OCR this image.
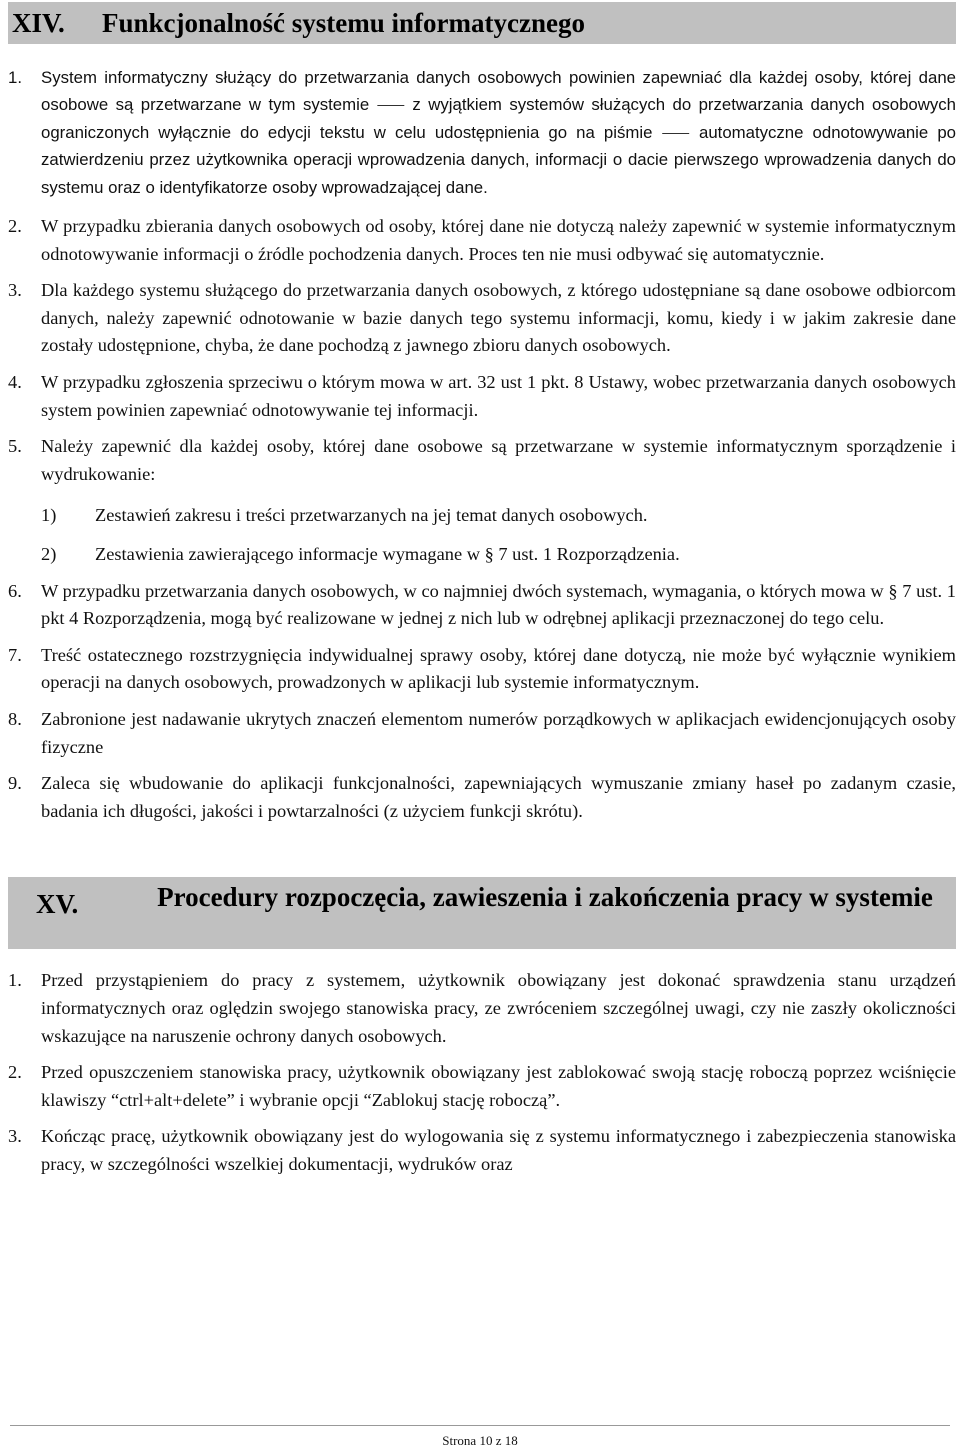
XIV.	Funkcjonalność systemu informatycznego
1.	System informatyczny służący do przetwarzania danych osobowych powinien zapewniać dla każdej osoby, której dane osobowe są przetwarzane w tym systemie ⸺ z wyjątkiem systemów służących do przetwarzania danych osobowych ograniczonych wyłącznie do edycji tekstu w celu udostępnienia go na piśmie ⸺ automatyczne odnotowywanie po zatwierdzeniu przez użytkownika operacji wprowadzenia danych, informacji o dacie pierwszego wprowadzenia danych do systemu oraz o identyfikatorze osoby wprowadzającej dane.
2.	W przypadku zbierania danych osobowych od osoby, której dane nie dotyczą należy zapewnić w systemie informatycznym odnotowywanie informacji o źródle pochodzenia danych. Proces ten nie musi odbywać się automatycznie.
3.	Dla każdego systemu służącego do przetwarzania danych osobowych, z którego udostępniane są dane osobowe odbiorcom danych, należy zapewnić odnotowanie w bazie danych tego systemu informacji, komu, kiedy i w jakim zakresie dane zostały udostępnione, chyba, że dane pochodzą z jawnego zbioru danych osobowych.
4.	W przypadku zgłoszenia sprzeciwu o którym mowa w art. 32 ust 1 pkt. 8 Ustawy, wobec przetwarzania danych osobowych system powinien zapewniać odnotowywanie tej informacji.
5.	Należy zapewnić dla każdej osoby, której dane osobowe są przetwarzane w systemie informatycznym sporządzenie i wydrukowanie:
1)	Zestawień zakresu i treści przetwarzanych na jej temat danych osobowych.
2)	Zestawienia zawierającego informacje wymagane w § 7 ust. 1 Rozporządzenia.
6.	W przypadku przetwarzania danych osobowych, w co najmniej dwóch systemach, wymagania, o których mowa w § 7 ust. 1 pkt 4 Rozporządzenia, mogą być realizowane w jednej z nich lub w odrębnej aplikacji przeznaczonej do tego celu.
7.	Treść ostatecznego rozstrzygnięcia indywidualnej sprawy osoby, której dane dotyczą, nie może być wyłącznie wynikiem operacji na danych osobowych, prowadzonych w aplikacji lub systemie informatycznym.
8.	Zabronione jest nadawanie ukrytych znaczeń elementom numerów porządkowych w aplikacjach ewidencjonujących osoby fizyczne
9.	Zaleca się wbudowanie do aplikacji funkcjonalności, zapewniających wymuszanie zmiany haseł po zadanym czasie, badania ich długości, jakości i powtarzalności (z użyciem funkcji skrótu).
XV.	Procedury rozpoczęcia, zawieszenia i zakończenia pracy w systemie
1.	Przed przystąpieniem do pracy z systemem, użytkownik obowiązany jest dokonać sprawdzenia stanu urządzeń informatycznych oraz oględzin swojego stanowiska pracy, ze zwróceniem szczególnej uwagi, czy nie zaszły okoliczności wskazujące na naruszenie ochrony danych osobowych.
2.	Przed opuszczeniem stanowiska pracy, użytkownik obowiązany jest zablokować swoją stację roboczą poprzez wciśnięcie klawiszy “ctrl+alt+delete” i wybranie opcji “Zablokuj stację roboczą”.
3.	Kończąc pracę, użytkownik obowiązany jest do wylogowania się z systemu informatycznego i zabezpieczenia stanowiska pracy, w szczególności wszelkiej dokumentacji, wydruków oraz
Strona 10 z 18
